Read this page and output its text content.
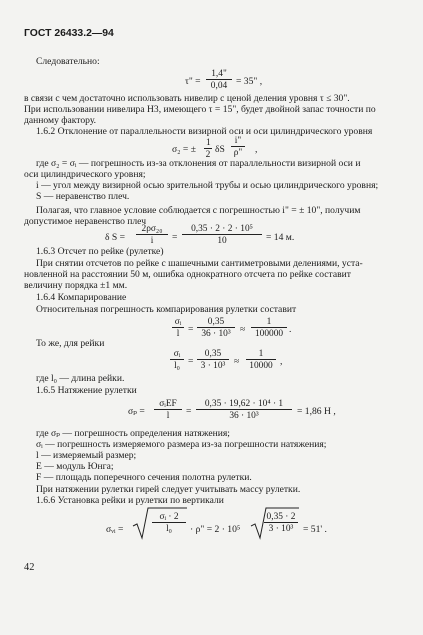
ГОСТ 26433.2—94
Следовательно:
τ" = $\frac{1,4"}{0,04} = 35$" ,
в связи с чем достаточно использовать нивелир с ценой деления уровня τ ≤ 30".
При использовании нивелира Н3, имеющего τ = 15", будет двойной запас точности по
данному фактору.
1.6.2 Отклонение от параллельности визирной оси и оси цилиндрического уровня
σ₂ = ± $\frac{1}{2}$ δS $\frac{i"}{\rho"}$ ,
где σ₂ = σᵢ — погрешность из-за отклонения от параллельности визирной оси и
оси цилиндрического уровня;
i — угол между визирной осью зрительной трубы и осью цилиндрического уровня;
S — неравенство плеч.
Полагая, что главное условие соблюдается с погрешностью i" = ± 10", получим
допустимое неравенство плеч
δ $S = \frac{\text{2ρσ₂₀}}{i} = \frac{\text{0,35 · 2 · 2 · 10⁵}}{10} = 14$ м.
1.6.3 Отсчет по рейке (рулетке)
При снятии отсчетов по рейке с шашечными сантиметровыми делениями, уста-
новленной на расстоянии 50 м, ошибка однократного отсчета по рейке составит
величину порядка ±1 мм.
1.6.4 Компарирование
Относительная погрешность компарирования рулетки составит
$\frac{\text{σᵢ}}{l} = \frac{0,35}{\text{36 · 10³}} \approx \frac{1}{100000}$ .
То же, для рейки
$\frac{\text{σᵢ}}{\text{l₀}} = \frac{0,35}{\text{3 · 10³}} \approx \frac{1}{10000}$ ,
где l₀ — длина рейки.
1.6.5 Натяжение рулетки
σₚ =
σᵢEF
l	= $\frac{\text{0,35 · 19,62 · 10⁴ · 1}}{\text{36 · 10³}} = 1,86$ Н ,
где σₚ — погрешность определения натяжения;
σᵢ — погрешность измеряемого размера из-за погрешности натяжения;
l — измеряемый размер;
E — модуль Юнга;
F — площадь поперечного сечения полотна рулетки.
При натяжении рулетки гирей следует учитывать массу рулетки.
1.6.6 Установка рейки и рулетки по вертикали
σᵥᵢ =	$\frac{\text{σᵢ · 2}}{\text{l₀}} \cdot \rho$" = 2 · 10⁵	$\frac{0,35 \cdot 2}{\text{3 · 10³}} = 51'$ .
42
